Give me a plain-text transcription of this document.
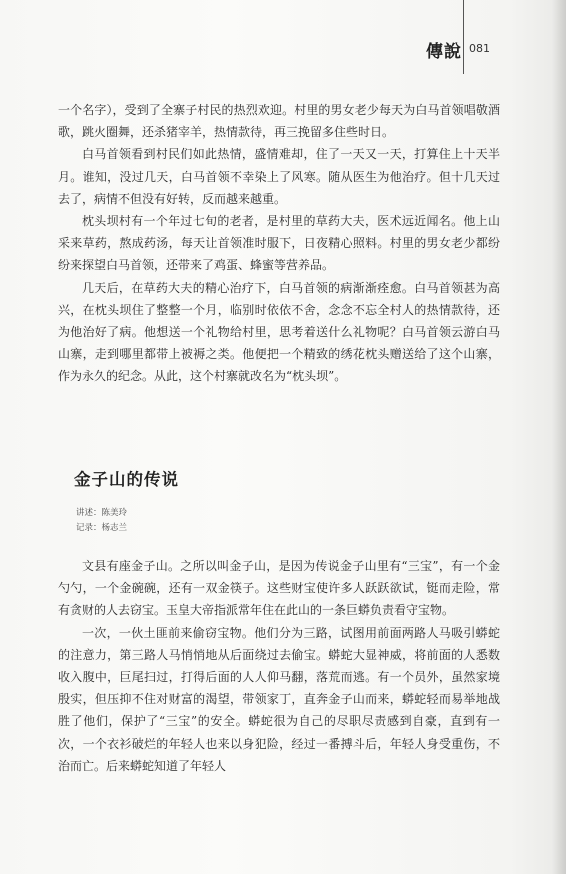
傳說 081

一个名字），受到了全寨子村民的热烈欢迎。村里的男女老少每天为白马首领唱敬酒歌，跳火圈舞，还杀猪宰羊，热情款待，再三挽留多住些时日。

白马首领看到村民们如此热情，盛情难却，住了一天又一天，打算住上十天半月。谁知，没过几天，白马首领不幸染上了风寒。随从医生为他治疗。但十几天过去了，病情不但没有好转，反而越来越重。

枕头坝村有一个年过七旬的老者，是村里的草药大夫，医术远近闻名。他上山采来草药，熬成药汤，每天让首领准时服下，日夜精心照料。村里的男女老少都纷纷来探望白马首领，还带来了鸡蛋、蜂蜜等营养品。

几天后，在草药大夫的精心治疗下，白马首领的病渐渐痊愈。白马首领甚为高兴，在枕头坝住了整整一个月，临别时依依不舍，念念不忘全村人的热情款待，还为他治好了病。他想送一个礼物给村里，思考着送什么礼物呢？白马首领云游白马山寨，走到哪里都带上被褥之类。他便把一个精致的绣花枕头赠送给了这个山寨，作为永久的纪念。从此，这个村寨就改名为“枕头坝”。

金子山的传说
讲述：陈美玲
记录：杨志兰

文县有座金子山。之所以叫金子山，是因为传说金子山里有“三宝”，有一个金勺勺，一个金碗碗，还有一双金筷子。这些财宝使许多人跃跃欲试，铤而走险，常有贪财的人去窃宝。玉皇大帝指派常年住在此山的一条巨蟒负责看守宝物。

一次，一伙土匪前来偷窃宝物。他们分为三路，试图用前面两路人马吸引蟒蛇的注意力，第三路人马悄悄地从后面绕过去偷宝。蟒蛇大显神威，将前面的人悉数收入腹中，巨尾扫过，打得后面的人人仰马翻，落荒而逃。有一个员外，虽然家境殷实，但压抑不住对财富的渴望，带领家丁，直奔金子山而来，蟒蛇轻而易举地战胜了他们，保护了“三宝”的安全。蟒蛇很为自己的尽职尽责感到自豪，直到有一次，一个衣衫破烂的年轻人也来以身犯险，经过一番搏斗后，年轻人身受重伤，不治而亡。后来蟒蛇知道了年轻人
